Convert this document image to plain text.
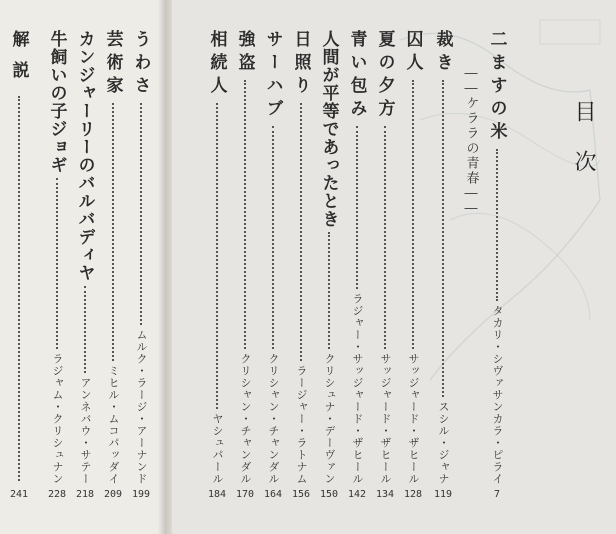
目次
二ますの米
タカリ・シヴァサンカラ・ピライ
7
――
ケララの青春
――
裁き
スシル・ジャナ
119
囚人
サッジャード・ザヒール
128
夏の夕方
サッジャード・ザヒール
134
青い包み
ラジャー・サッジャード・ザヒール
142
人間が平等であったとき
クリシュナ・デーヴァン
150
日照り
ラージャー・ラトナム
156
サーハブ
クリシャン・チャンダル
164
強盗
クリシャン・チャンダル
170
相続人
ヤシュパール
184
うわさ
ムルク・ラージ・アーナンド
199
芸術家
ミヒル・ムコパッダイ
209
カンジャーリーのバルバディヤ
アンネバウ・サテー
218
牛飼いの子ジョギ
ラジャム・クリシュナン
228
解説
241
